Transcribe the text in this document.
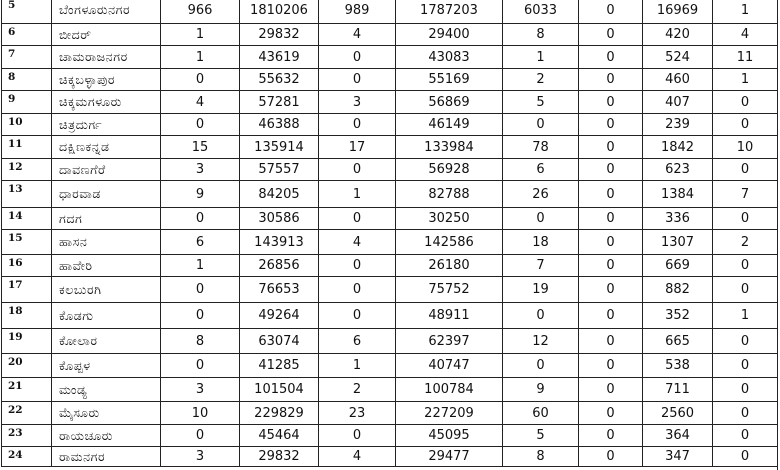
5	ಬೆಂಗಳೂರುನಗರ	966	1810206	989	1787203	6033	0	16969	1
6	ಬೀದರ್	1	29832	4	29400	8	0	420	4
7	ಚಾಮರಾಜನಗರ	1	43619	0	43083	1	0	524	11
8	ಚಿಕ್ಕಬಳ್ಳಾಪುರ	0	55632	0	55169	2	0	460	1
9	ಚಿಕ್ಕಮಗಳೂರು	4	57281	3	56869	5	0	407	0
10	ಚಿತ್ರದುರ್ಗ	0	46388	0	46149	0	0	239	0
11	ದಕ್ಷಿಣಕನ್ನಡ	15	135914	17	133984	78	0	1842	10
12	ದಾವಣಗೆರೆ	3	57557	0	56928	6	0	623	0
13	ಧಾರವಾಡ	9	84205	1	82788	26	0	1384	7
14	ಗದಗ	0	30586	0	30250	0	0	336	0
15	ಹಾಸನ	6	143913	4	142586	18	0	1307	2
16	ಹಾವೇರಿ	1	26856	0	26180	7	0	669	0
17	ಕಲಬುರಗಿ	0	76653	0	75752	19	0	882	0
18	ಕೊಡಗು	0	49264	0	48911	0	0	352	1
19	ಕೋಲಾರ	8	63074	6	62397	12	0	665	0
20	ಕೊಪ್ಪಳ	0	41285	1	40747	0	0	538	0
21	ಮಂಡ್ಯ	3	101504	2	100784	9	0	711	0
22	ಮೈಸೂರು	10	229829	23	227209	60	0	2560	0
23	ರಾಯಚೂರು	0	45464	0	45095	5	0	364	0
24	ರಾಮನಗರ	3	29832	4	29477	8	0	347	0
